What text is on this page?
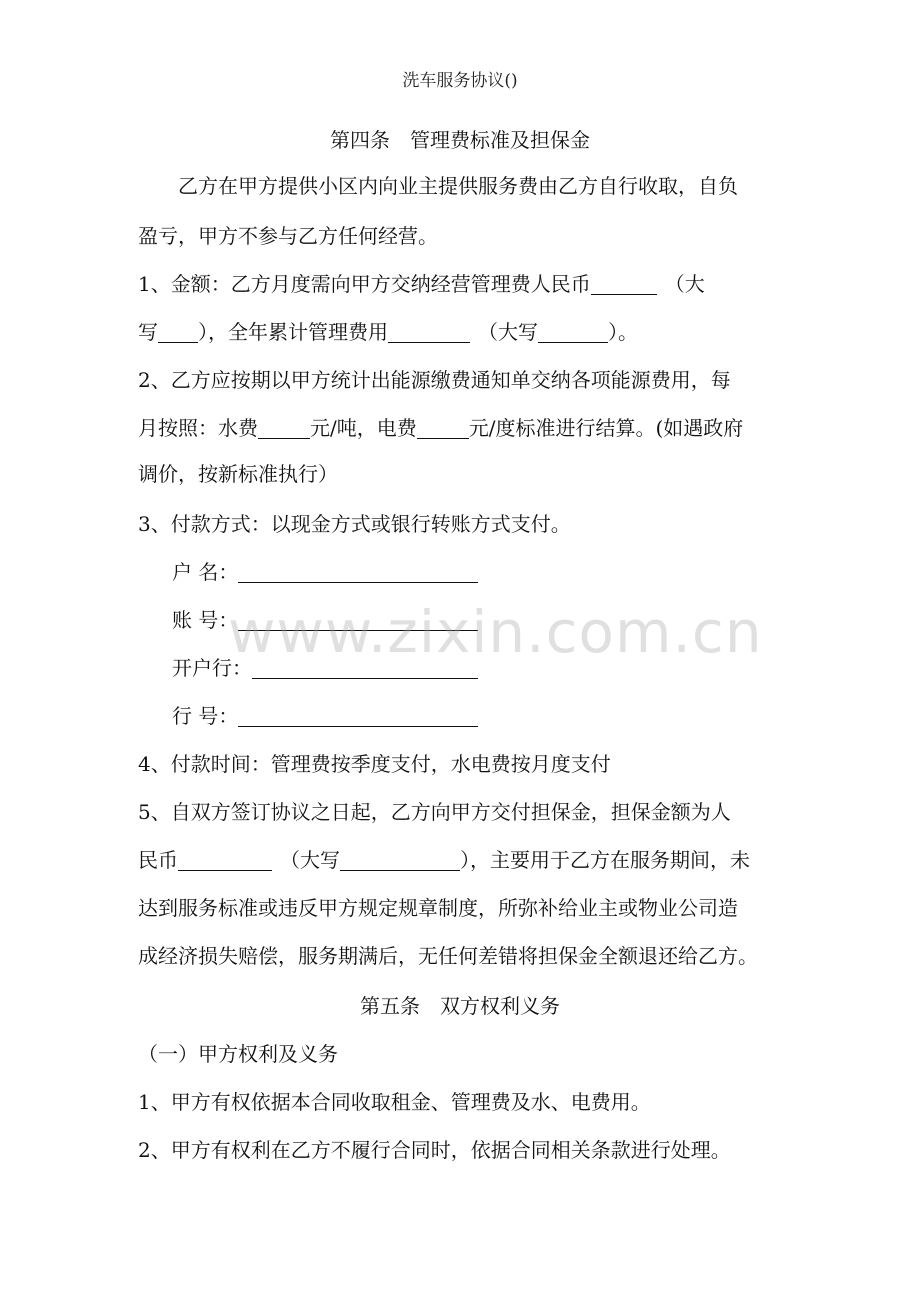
洗车服务协议()
第四条　管理费标准及担保金
乙方在甲方提供小区内向业主提供服务费由乙方自行收取，自负
盈亏，甲方不参与乙方任何经营。
1、金额：乙方月度需向甲方交纳经营管理费人民币	（大
写 ），全年累计管理费用	（大写	）。
2、乙方应按期以甲方统计出能源缴费通知单交纳各项能源费用，每
月按照：水费	元/吨，电费	元/度标准进行结算。(如遇政府
调价，按新标准执行）
3、付款方式：以现金方式或银行转账方式支付。
户 名：
账 号：
开户行：
行 号：
4、付款时间：管理费按季度支付，水电费按月度支付
5、自双方签订协议之日起，乙方向甲方交付担保金，担保金额为人
民币	（大写	），主要用于乙方在服务期间，未
达到服务标准或违反甲方规定规章制度，所弥补给业主或物业公司造
成经济损失赔偿，服务期满后，无任何差错将担保金全额退还给乙方。
第五条　双方权利义务
（一）甲方权利及义务
1、甲方有权依据本合同收取租金、管理费及水、电费用。
2、甲方有权利在乙方不履行合同时，依据合同相关条款进行处理。
www.zixin.com.cn
